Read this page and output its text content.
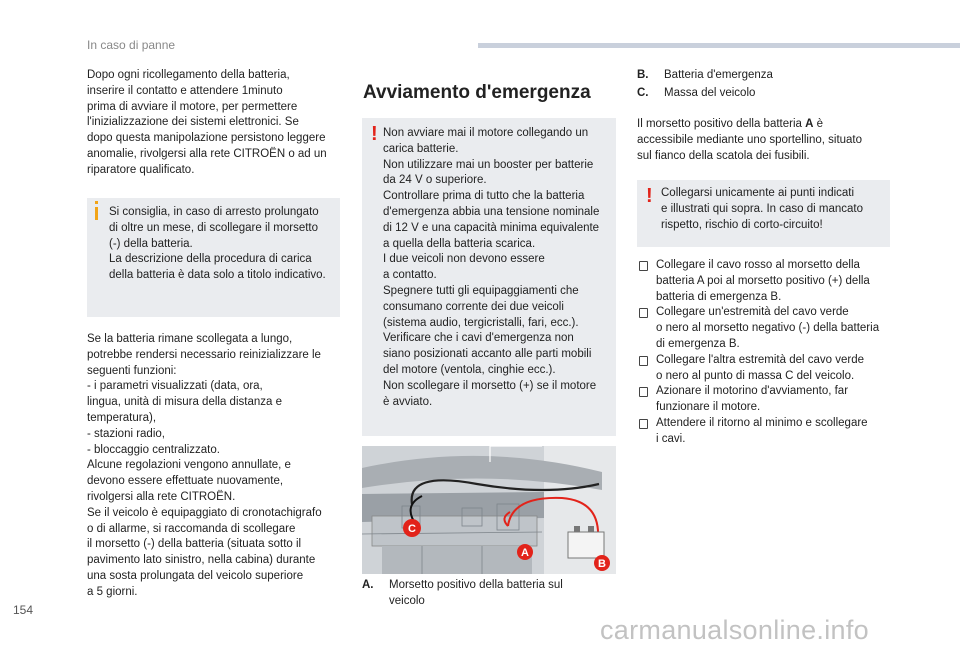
In caso di panne

Dopo ogni ricollegamento della batteria,
inserire il contatto e attendere 1minuto
prima di avviare il motore, per permettere
l'inizializzazione dei sistemi elettronici. Se
dopo questa manipolazione persistono leggere
anomalie, rivolgersi alla rete CITROËN o ad un
riparatore qualificato.

Si consiglia, in caso di arresto prolungato
di oltre un mese, di scollegare il morsetto
(-) della batteria.
La descrizione della procedura di carica
della batteria è data solo a titolo indicativo.

Se la batteria rimane scollegata a lungo,
potrebbe rendersi necessario reinizializzare le
seguenti funzioni:
- i parametri visualizzati (data, ora,
lingua, unità di misura della distanza e
temperatura),
- stazioni radio,
- bloccaggio centralizzato.
Alcune regolazioni vengono annullate, e
devono essere effettuate nuovamente,
rivolgersi alla rete CITROËN.
Se il veicolo è equipaggiato di cronotachigrafo
o di allarme, si raccomanda di scollegare
il morsetto (-) della batteria (situata sotto il
pavimento lato sinistro, nella cabina) durante
una sosta prolungata del veicolo superiore
a 5 giorni.

Avviamento d'emergenza
! Non avviare mai il motore collegando un
carica batterie.
Non utilizzare mai un booster per batterie
da 24 V o superiore.
Controllare prima di tutto che la batteria
d'emergenza abbia una tensione nominale
di 12 V e una capacità minima equivalente
a quella della batteria scarica.
I due veicoli non devono essere
a contatto.
Spegnere tutti gli equipaggiamenti che
consumano corrente dei due veicoli
(sistema audio, tergicristalli, fari, ecc.).
Verificare che i cavi d'emergenza non
siano posizionati accanto alle parti mobili
del motore (ventola, cinghie ecc.).
Non scollegare il morsetto (+) se il motore
è avviato.
C
A
B
A. Morsetto positivo della batteria sul
veicolo
B. Batteria d'emergenza
C. Massa del veicolo
Il morsetto positivo della batteria A è
accessibile mediante uno sportellino, situato
sul fianco della scatola dei fusibili.
! Collegarsi unicamente ai punti indicati
e illustrati qui sopra. In caso di mancato
rispetto, rischio di corto-circuito!
Collegare il cavo rosso al morsetto della
batteria A poi al morsetto positivo (+) della
batteria di emergenza B.
Collegare un'estremità del cavo verde
o nero al morsetto negativo (-) della batteria
di emergenza B.
Collegare l'altra estremità del cavo verde
o nero al punto di massa C del veicolo.
Azionare il motorino d'avviamento, far
funzionare il motore.
Attendere il ritorno al minimo e scollegare
i cavi.
154
carmanualsonline.info
